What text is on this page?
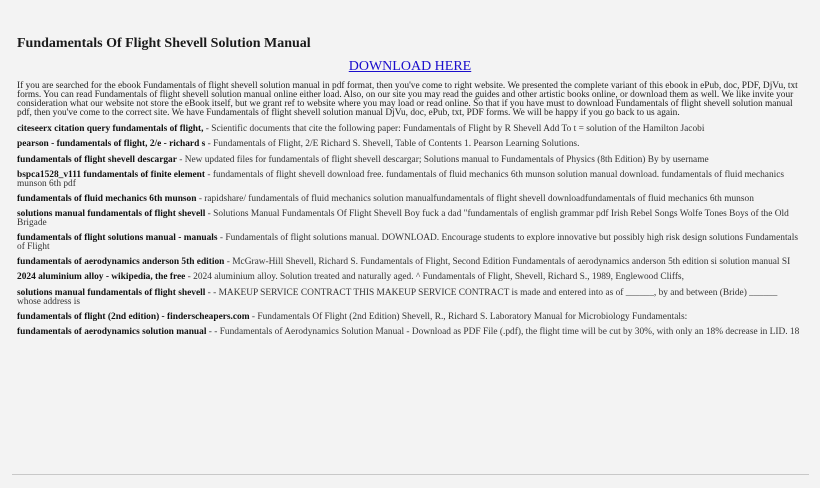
Fundamentals Of Flight Shevell Solution Manual
DOWNLOAD HERE
If you are searched for the ebook Fundamentals of flight shevell solution manual in pdf format, then you've come to right website. We presented the complete variant of this ebook in ePub, doc, PDF, DjVu, txt forms. You can read Fundamentals of flight shevell solution manual online either load. Also, on our site you may read the guides and other artistic books online, or download them as well. We like invite your consideration what our website not store the eBook itself, but we grant ref to website where you may load or read online. So that if you have must to download Fundamentals of flight shevell solution manual pdf, then you've come to the correct site. We have Fundamentals of flight shevell solution manual DjVu, doc, ePub, txt, PDF forms. We will be happy if you go back to us again.
citeseerx citation query fundamentals of flight, - Scientific documents that cite the following paper: Fundamentals of Flight by R Shevell Add To t = solution of the Hamilton Jacobi
pearson - fundamentals of flight, 2/e - richard s - Fundamentals of Flight, 2/E Richard S. Shevell, Table of Contents 1. Pearson Learning Solutions.
fundamentals of flight shevell descargar - New updated files for fundamentals of flight shevell descargar; Solutions manual to Fundamentals of Physics (8th Edition) By by username
bspca1528_v111 fundamentals of finite element - fundamentals of flight shevell download free. fundamentals of fluid mechanics 6th munson solution manual download. fundamentals of fluid mechanics munson 6th pdf
fundamentals of fluid mechanics 6th munson - rapidshare/ fundamentals of fluid mechanics solution manualfundamentals of flight shevell downloadfundamentals of fluid mechanics 6th munson
solutions manual fundamentals of flight shevell - Solutions Manual Fundamentals Of Flight Shevell Boy fuck a dad "fundamentals of english grammar pdf Irish Rebel Songs Wolfe Tones Boys of the Old Brigade
fundamentals of flight solutions manual - manuals - Fundamentals of flight solutions manual. DOWNLOAD. Encourage students to explore innovative but possibly high risk design solutions Fundamentals of Flight
fundamentals of aerodynamics anderson 5th edition - McGraw-Hill Shevell, Richard S. Fundamentals of Flight, Second Edition Fundamentals of aerodynamics anderson 5th edition si solution manual SI
2024 aluminium alloy - wikipedia, the free - 2024 aluminium alloy. Solution treated and naturally aged. ^ Fundamentals of Flight, Shevell, Richard S., 1989, Englewood Cliffs,
solutions manual fundamentals of flight shevell - - MAKEUP SERVICE CONTRACT THIS MAKEUP SERVICE CONTRACT is made and entered into as of ______, by and between (Bride) ______ whose address is
fundamentals of flight (2nd edition) - finderscheapers.com - Fundamentals Of Flight (2nd Edition) Shevell, R., Richard S. Laboratory Manual for Microbiology Fundamentals:
fundamentals of aerodynamics solution manual - - Fundamentals of Aerodynamics Solution Manual - Download as PDF File (.pdf), the flight time will be cut by 30%, with only an 18% decrease in LID. 18
